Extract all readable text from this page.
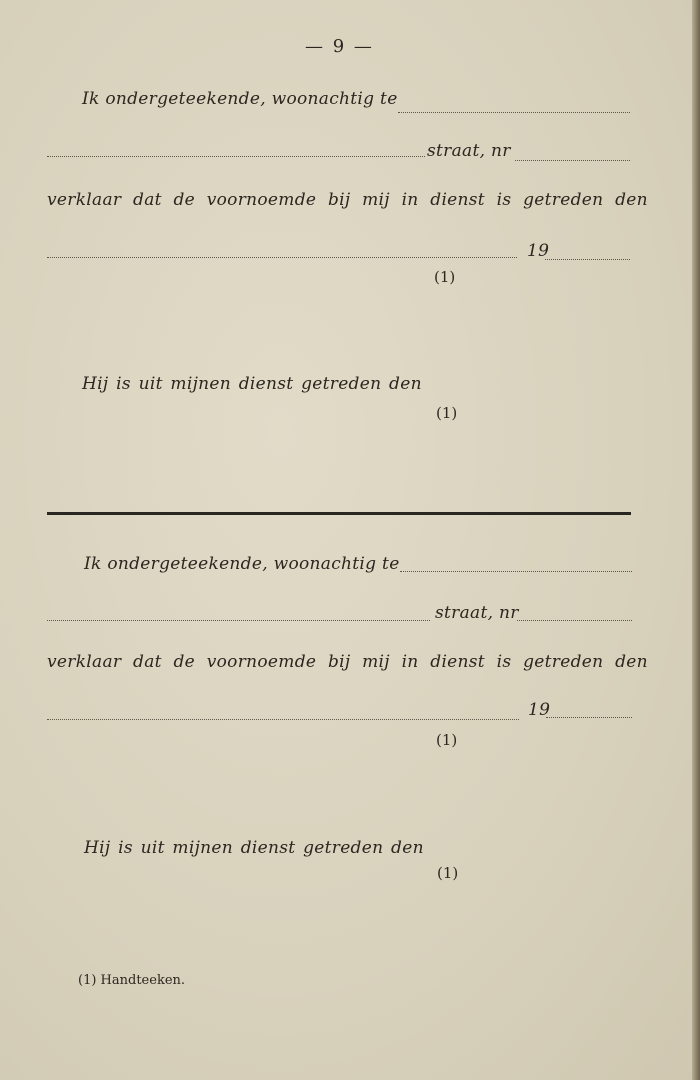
— 9 —
Ik ondergeteekende, woonachtig te
straat, nr
verklaar dat de voornoemde bij mij in dienst is getreden den
19
(1)
Hij is uit mijnen dienst getreden den
(1)
Ik ondergeteekende, woonachtig te
straat, nr
verklaar dat de voornoemde bij mij in dienst is getreden den
19
(1)
Hij is uit mijnen dienst getreden den
(1)
(1) Handteeken.
